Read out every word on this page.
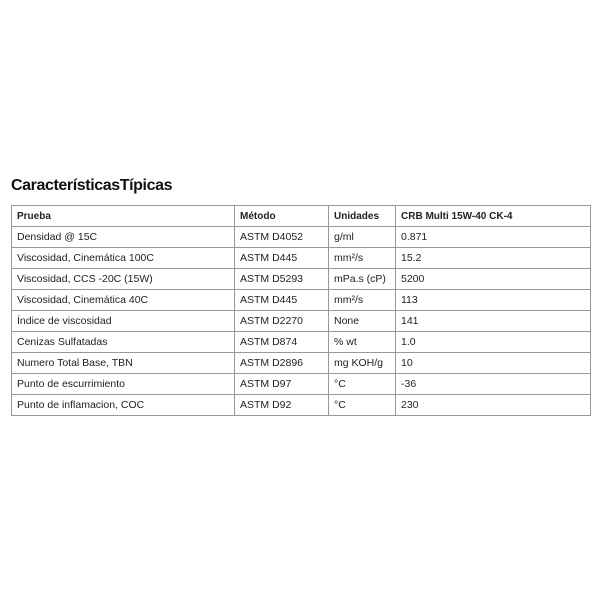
CaracterísticasTípicas
Prueba	Método	Unidades	CRB Multi 15W-40 CK-4
Densidad @ 15C	ASTM D4052	g/ml	0.871
Viscosidad, Cinemática 100C	ASTM D445	mm²/s	15.2
Viscosidad, CCS -20C (15W)	ASTM D5293	mPa.s (cP)	5200
Viscosidad, Cinemática 40C	ASTM D445	mm²/s	113
Índice de viscosidad	ASTM D2270	None	141
Cenizas Sulfatadas	ASTM D874	% wt	1.0
Numero Total Base, TBN	ASTM D2896	mg KOH/g	10
Punto de escurrimiento	ASTM D97	°C	-36
Punto de inflamacion, COC	ASTM D92	°C	230
